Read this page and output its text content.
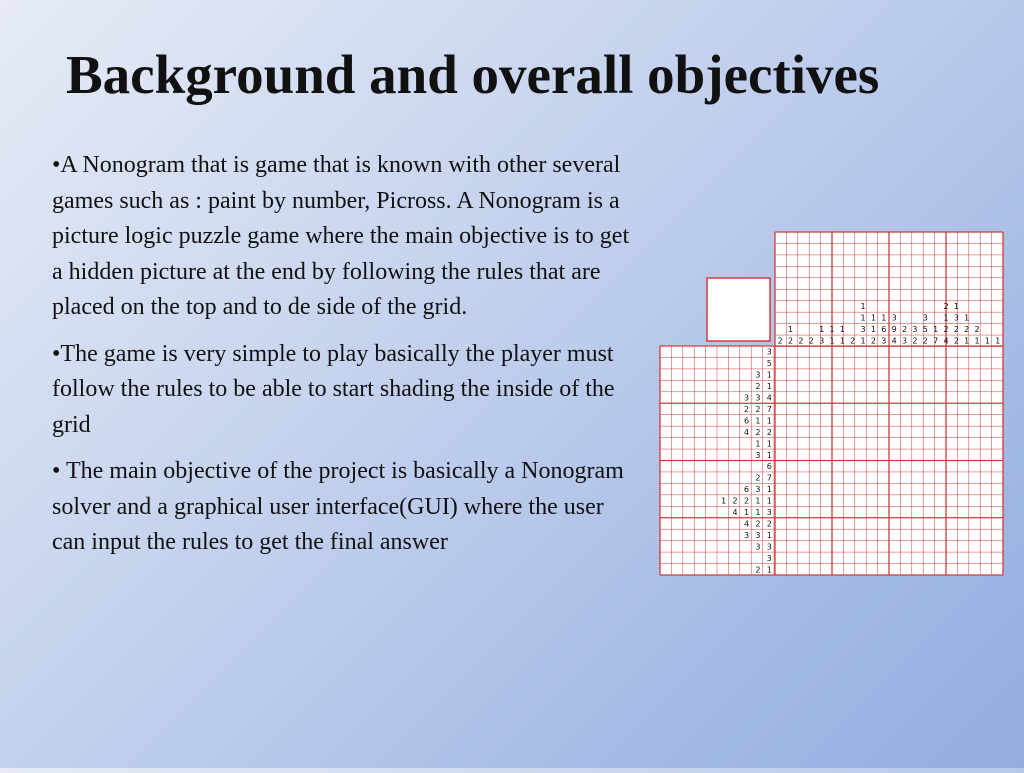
Background and overall objectives

•A Nonogram that is game that is known with other several games such as : paint by number, Picross. A Nonogram is a picture logic puzzle game where the main objective is to get a hidden picture at the end by following the rules that are placed on the top and to de side of the grid.

•The game is very simple to play basically the player must follow the rules to be able to start shading the inside of the grid

• The main objective of the project is basically a Nonogram solver and a graphical user interface(GUI) where the user can input the rules to get the final answer

2
1
2 2 2
1
3
1
1
1
1 2
1
1
3
1
1
1
2
1
6
3
3
9
4
2
3
3
2
3
5
2
1
7
2
1
2
4
1
3
2
2
1
2
1
2
1 1 1
3
5
3 1
2 1
3 3 4
2 2 7
6 1 1
4 2 2
1 1
3 1
6
2 7
6 3 1
1 2 2 1 1
4 1 1 3
4 2 2
3 3 1
3 3
3
2 1
